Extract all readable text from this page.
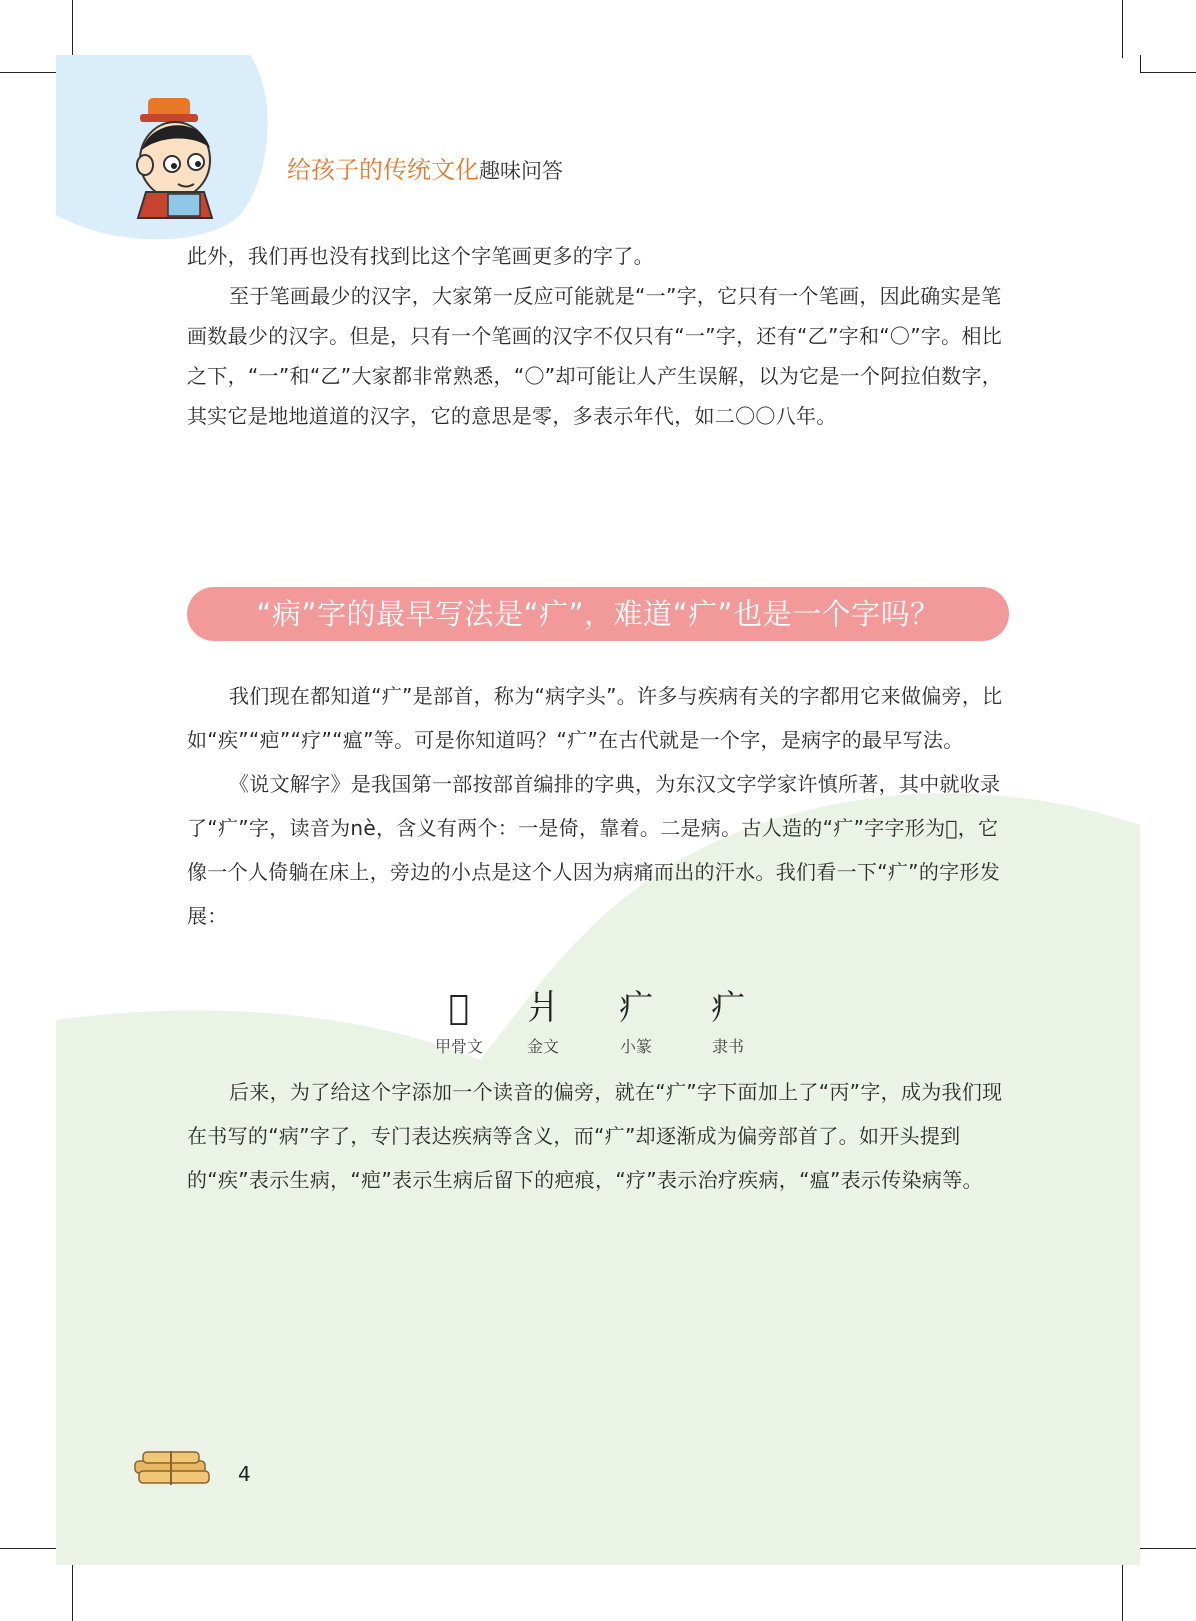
给孩子的传统文化趣味问答

此外，我们再也没有找到比这个字笔画更多的字了。

至于笔画最少的汉字，大家第一反应可能就是“一”字，它只有一个笔画，因此确实是笔画数最少的汉字。但是，只有一个笔画的汉字不仅只有“一”字，还有“乙”字和“〇”字。相比之下，“一”和“乙”大家都非常熟悉，“〇”却可能让人产生误解，以为它是一个阿拉伯数字，其实它是地地道道的汉字，它的意思是零，多表示年代，如二〇〇八年。

“病”字的最早写法是“疒”，难道“疒”也是一个字吗？

我们现在都知道“疒”是部首，称为“病字头”。许多与疾病有关的字都用它来做偏旁，比如“疾”“疤”“疗”“瘟”等。可是你知道吗？“疒”在古代就是一个字，是病字的最早写法。

《说文解字》是我国第一部按部首编排的字典，为东汉文字学家许慎所著，其中就收录了“疒”字，读音为nè，含义有两个：一是倚，靠着。二是病。古人造的“疒”字字形为𤕫，它像一个人倚躺在床上，旁边的小点是这个人因为病痛而出的汗水。我们看一下“疒”的字形发展：

𤕫
甲骨文
爿
金文
疒
小篆
疒
隶书

后来，为了给这个字添加一个读音的偏旁，就在“疒”字下面加上了“丙”字，成为我们现在书写的“病”字了，专门表达疾病等含义，而“疒”却逐渐成为偏旁部首了。如开头提到的“疾”表示生病，“疤”表示生病后留下的疤痕，“疗”表示治疗疾病，“瘟”表示传染病等。

4
